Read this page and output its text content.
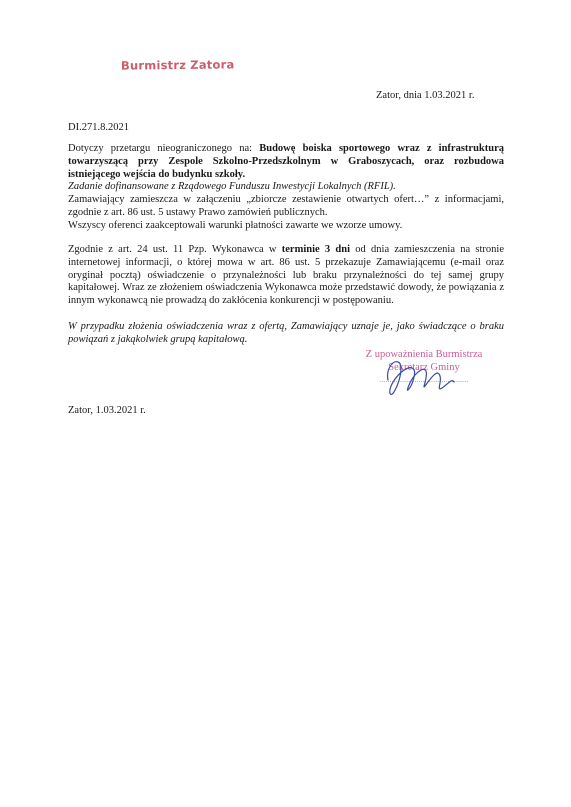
Burmistrz Zatora
Zator, dnia 1.03.2021 r.
DI.271.8.2021
Dotyczy przetargu nieograniczonego na: Budowę boiska sportowego wraz z infrastrukturą towarzyszącą przy Zespole Szkolno-Przedszkolnym w Graboszycach, oraz rozbudowa istniejącego wejścia do budynku szkoły.
Zadanie dofinansowane z Rządowego Funduszu Inwestycji Lokalnych (RFIL).
Zamawiający zamieszcza w załączeniu „zbiorcze zestawienie otwartych ofert…” z informacjami, zgodnie z art. 86 ust. 5 ustawy Prawo zamówień publicznych.
Wszyscy oferenci zaakceptowali warunki płatności zawarte we wzorze umowy.
Zgodnie z art. 24 ust. 11 Pzp. Wykonawca w terminie 3 dni od dnia zamieszczenia na stronie internetowej informacji, o której mowa w art. 86 ust. 5 przekazuje Zamawiającemu (e-mail oraz oryginał pocztą) oświadczenie o przynależności lub braku przynależności do tej samej grupy kapitałowej. Wraz ze złożeniem oświadczenia Wykonawca może przedstawić dowody, że powiązania z innym wykonawcą nie prowadzą do zakłócenia konkurencji w postępowaniu.
W przypadku złożenia oświadczenia wraz z ofertą, Zamawiający uznaje je, jako świadczące o braku powiązań z jakąkolwiek grupą kapitałową.
Zator, 1.03.2021 r.
Z upoważnienia Burmistrza
Sekretarz Gminy
...........................................
